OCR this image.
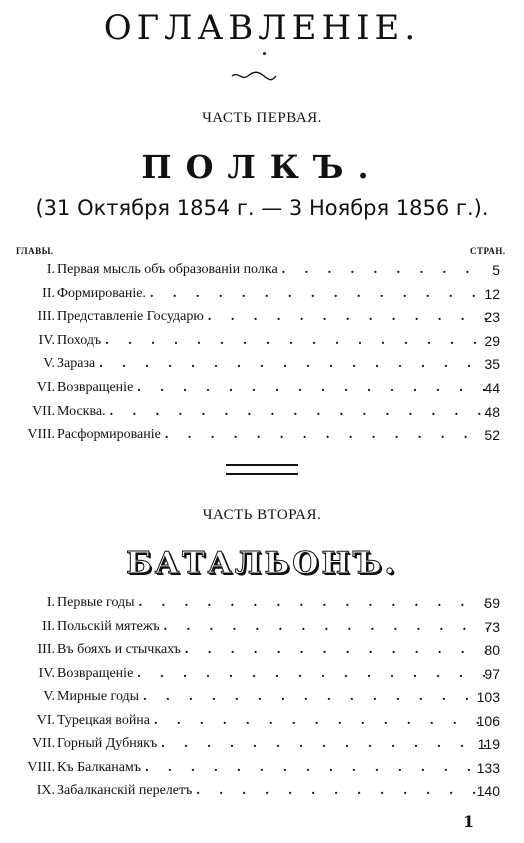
ОГЛАВЛЕНІЕ.
ЧАСТЬ ПЕРВАЯ.
ПОЛКЪ.
(31 Октября 1854 г. — 3 Ноября 1856 г.).
ГЛАВЫ.	СТРАН.
I. Первая мысль объ образованіи полка . . .	5
II. Формированіе. . . .	12
III. Представленіе Государю . . .	23
IV. Походъ . . .	29
V. Зараза . . .	35
VI. Возвращеніе . . .	44
VII. Москва. . . .	48
VIII. Расформированіе . . .	52
ЧАСТЬ ВТОРАЯ.
БАТАЛЬОНЪ.
I. Первые годы . . .	59
II. Польскій мятежъ . . .	73
III. Въ бояхъ и стычкахъ . . .	80
IV. Возвращеніе . . .	97
V. Мирные годы . . .	103
VI. Турецкая война . . .	106
VII. Горный Дубнякъ . . .	119
VIII. Къ Балканамъ . . .	133
IX. Забалканскій перелетъ . . .	140
1
